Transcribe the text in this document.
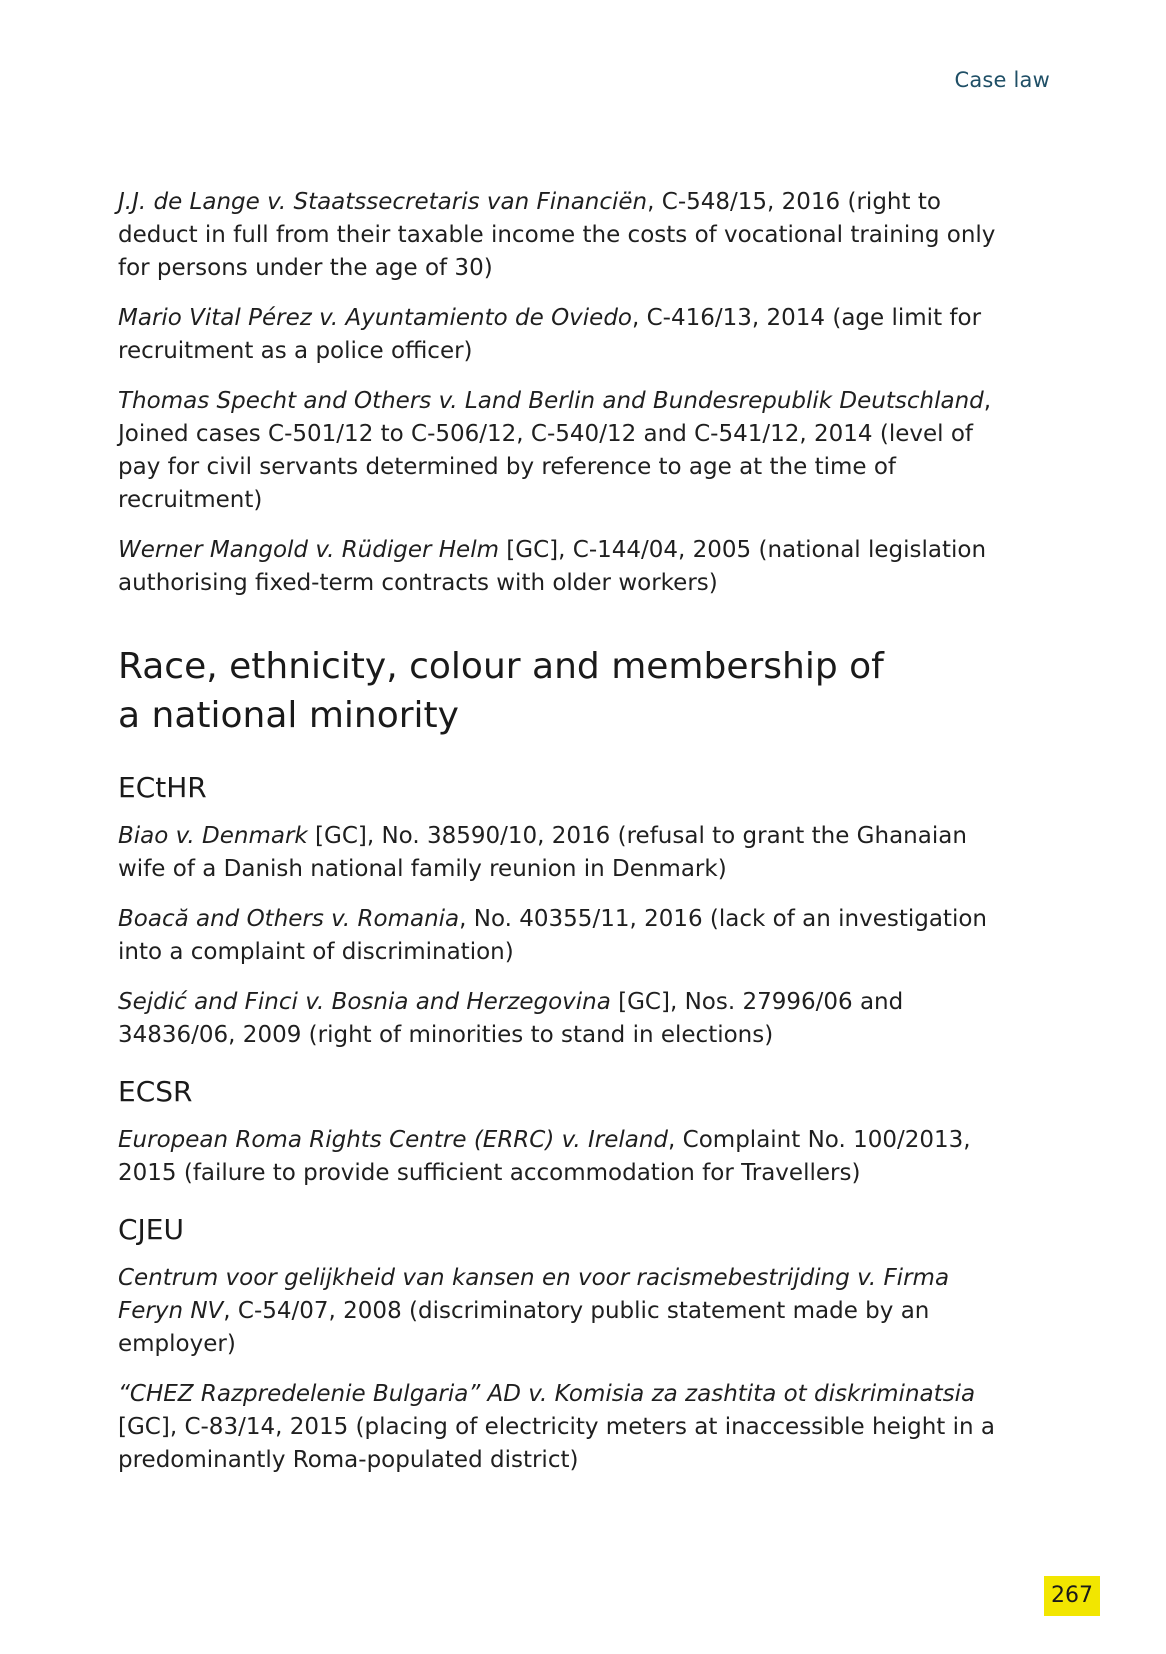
Case law

J.J. de Lange v. Staatssecretaris van Financiën, C-548/15, 2016 (right to deduct in full from their taxable income the costs of vocational training only for persons under the age of 30)

Mario Vital Pérez v. Ayuntamiento de Oviedo, C-416/13, 2014 (age limit for recruitment as a police officer)

Thomas Specht and Others v. Land Berlin and Bundesrepublik Deutschland, Joined cases C-501/12 to C-506/12, C-540/12 and C-541/12, 2014 (level of pay for civil servants determined by reference to age at the time of recruitment)

Werner Mangold v. Rüdiger Helm [GC], C-144/04, 2005 (national legislation authorising fixed-term contracts with older workers)

Race, ethnicity, colour and membership of
a national minority
ECtHR

Biao v. Denmark [GC], No. 38590/10, 2016 (refusal to grant the Ghanaian wife of a Danish national family reunion in Denmark)

Boacă and Others v. Romania, No. 40355/11, 2016 (lack of an investigation into a complaint of discrimination)

Sejdić and Finci v. Bosnia and Herzegovina [GC], Nos. 27996/06 and 34836/06, 2009 (right of minorities to stand in elections)

ECSR

European Roma Rights Centre (ERRC) v. Ireland, Complaint No. 100/2013, 2015 (failure to provide sufficient accommodation for Travellers)

CJEU

Centrum voor gelijkheid van kansen en voor racismebestrijding v. Firma Feryn NV, C-54/07, 2008 (discriminatory public statement made by an employer)

“CHEZ Razpredelenie Bulgaria” AD v. Komisia za zashtita ot diskriminatsia [GC], C-83/14, 2015 (placing of electricity meters at inaccessible height in a predominantly Roma-populated district)

267
